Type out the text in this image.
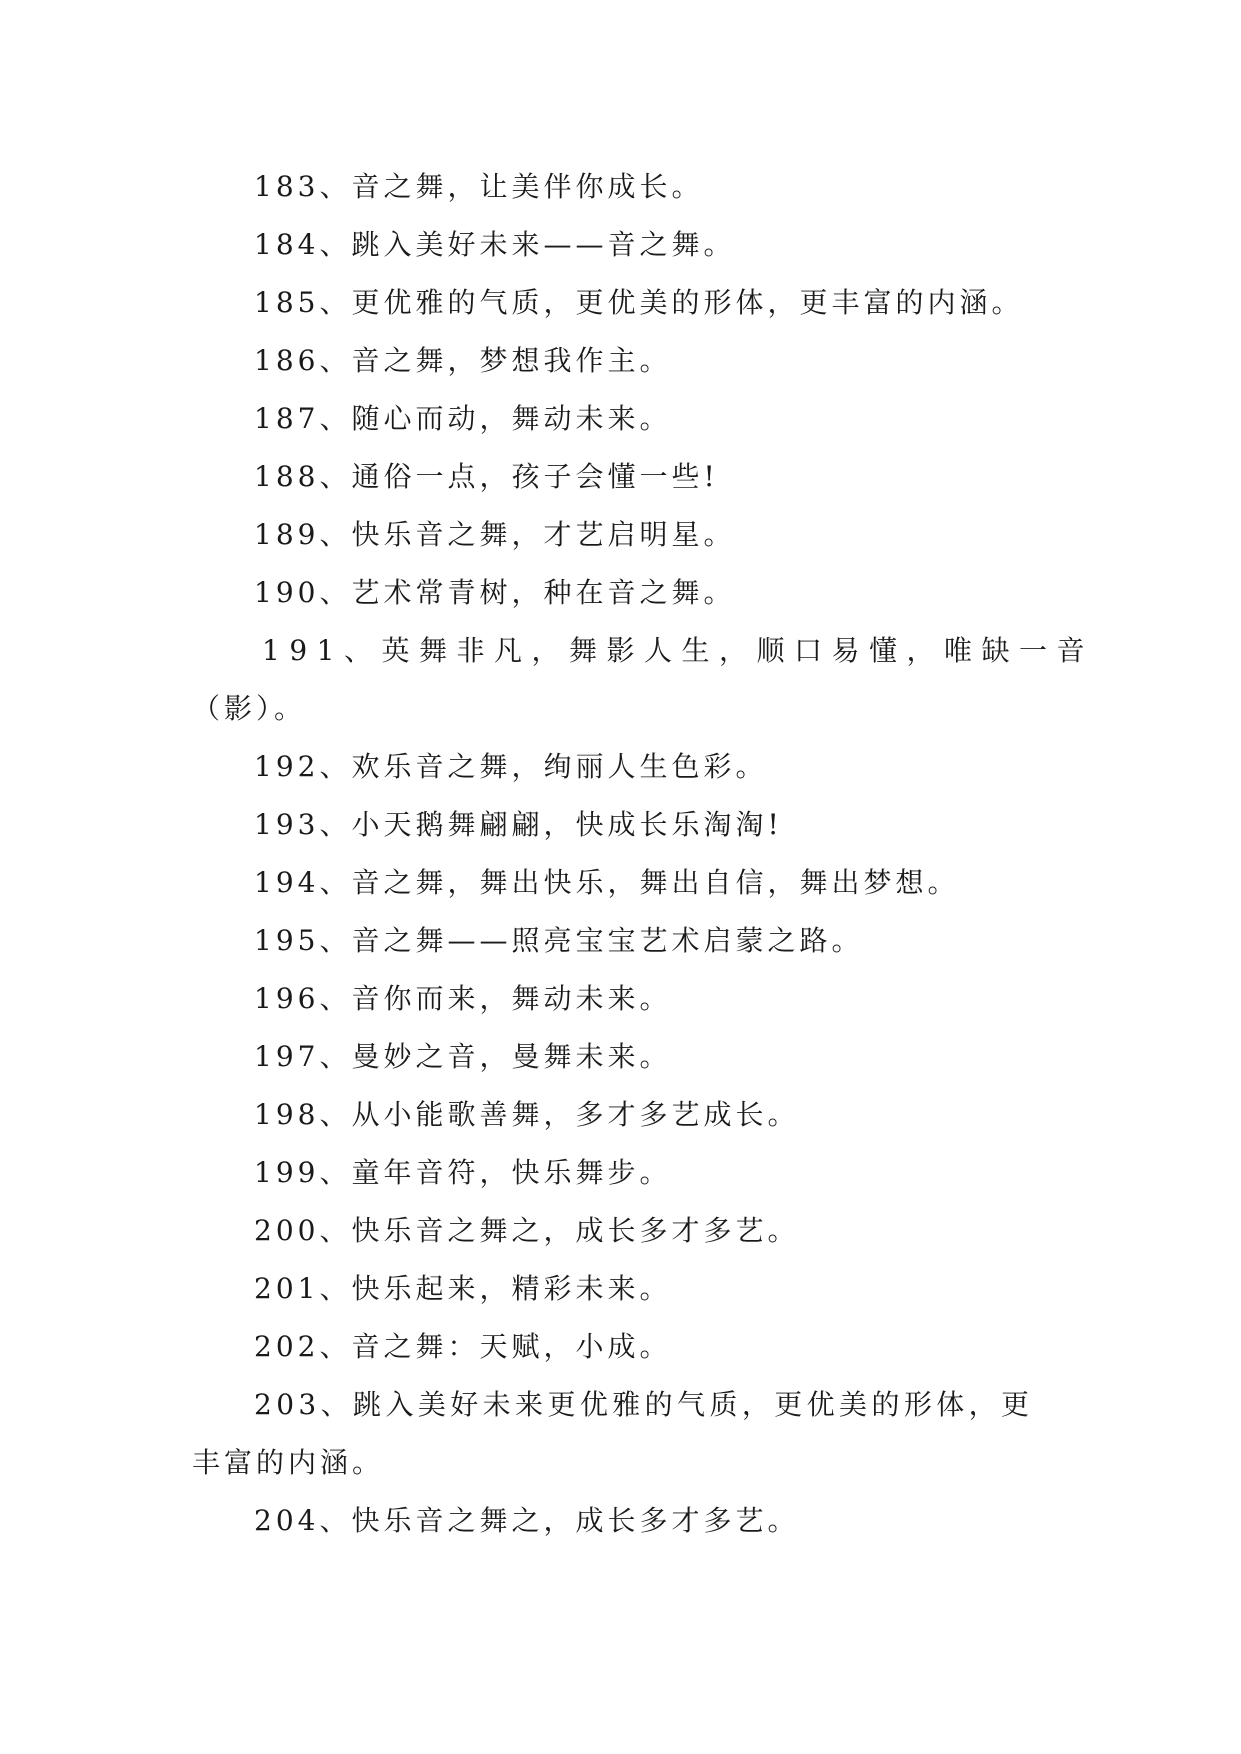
183、音之舞，让美伴你成长。
184、跳入美好未来——音之舞。
185、更优雅的气质，更优美的形体，更丰富的内涵。
186、音之舞，梦想我作主。
187、随心而动，舞动未来。
188、通俗一点，孩子会懂一些!
189、快乐音之舞，才艺启明星。
190、艺术常青树，种在音之舞。
191、英舞非凡，舞影人生，顺口易懂，唯缺一音
（影）。
192、欢乐音之舞，绚丽人生色彩。
193、小天鹅舞翩翩，快成长乐淘淘!
194、音之舞，舞出快乐，舞出自信，舞出梦想。
195、音之舞——照亮宝宝艺术启蒙之路。
196、音你而来，舞动未来。
197、曼妙之音，曼舞未来。
198、从小能歌善舞，多才多艺成长。
199、童年音符，快乐舞步。
200、快乐音之舞之，成长多才多艺。
201、快乐起来，精彩未来。
202、音之舞：天赋，小成。
203、跳入美好未来更优雅的气质，更优美的形体，更
丰富的内涵。
204、快乐音之舞之，成长多才多艺。
